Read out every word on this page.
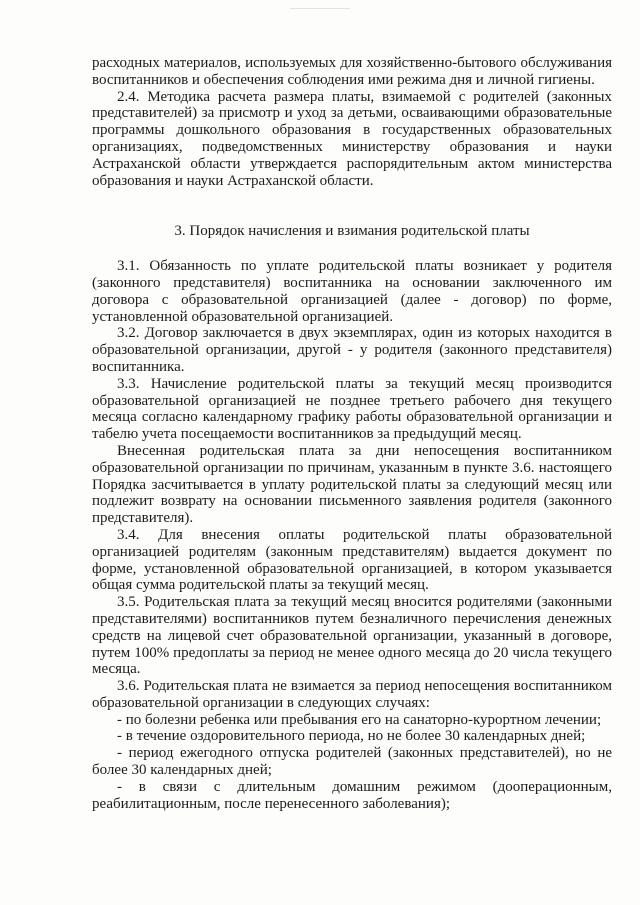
расходных материалов, используемых для хозяйственно-бытового обслуживания воспитанников и обеспечения соблюдения ими режима дня и личной гигиены.

2.4. Методика расчета размера платы, взимаемой с родителей (законных представителей) за присмотр и уход за детьми, осваивающими образовательные программы дошкольного образования в государственных образовательных организациях, подведомственных министерству образования и науки Астраханской области утверждается распорядительным актом министерства образования и науки Астраханской области.

3. Порядок начисления и взимания родительской платы

3.1. Обязанность по уплате родительской платы возникает у родителя (законного представителя) воспитанника на основании заключенного им договора с образовательной организацией (далее - договор) по форме, установленной образовательной организацией.

3.2. Договор заключается в двух экземплярах, один из которых находится в образовательной организации, другой - у родителя (законного представителя) воспитанника.

3.3. Начисление родительской платы за текущий месяц производится образовательной организацией не позднее третьего рабочего дня текущего месяца согласно календарному графику работы образовательной организации и табелю учета посещаемости воспитанников за предыдущий месяц.

Внесенная родительская плата за дни непосещения воспитанником образовательной организации по причинам, указанным в пункте 3.6. настоящего Порядка засчитывается в уплату родительской платы за следующий месяц или подлежит возврату на основании письменного заявления родителя (законного представителя).

3.4. Для внесения оплаты родительской платы образовательной организацией родителям (законным представителям) выдается документ по форме, установленной образовательной организацией, в котором указывается общая сумма родительской платы за текущий месяц.

3.5. Родительская плата за текущий месяц вносится родителями (законными представителями) воспитанников путем безналичного перечисления денежных средств на лицевой счет образовательной организации, указанный в договоре, путем 100% предоплаты за период не менее одного месяца до 20 числа текущего месяца.

3.6. Родительская плата не взимается за период непосещения воспитанником образовательной организации в следующих случаях:

- по болезни ребенка или пребывания его на санаторно-курортном лечении;

- в течение оздоровительного периода, но не более 30 календарных дней;

- период ежегодного отпуска родителей (законных представителей), но не более 30 календарных дней;

- в связи с длительным домашним режимом (дооперационным, реабилитационным, после перенесенного заболевания);
